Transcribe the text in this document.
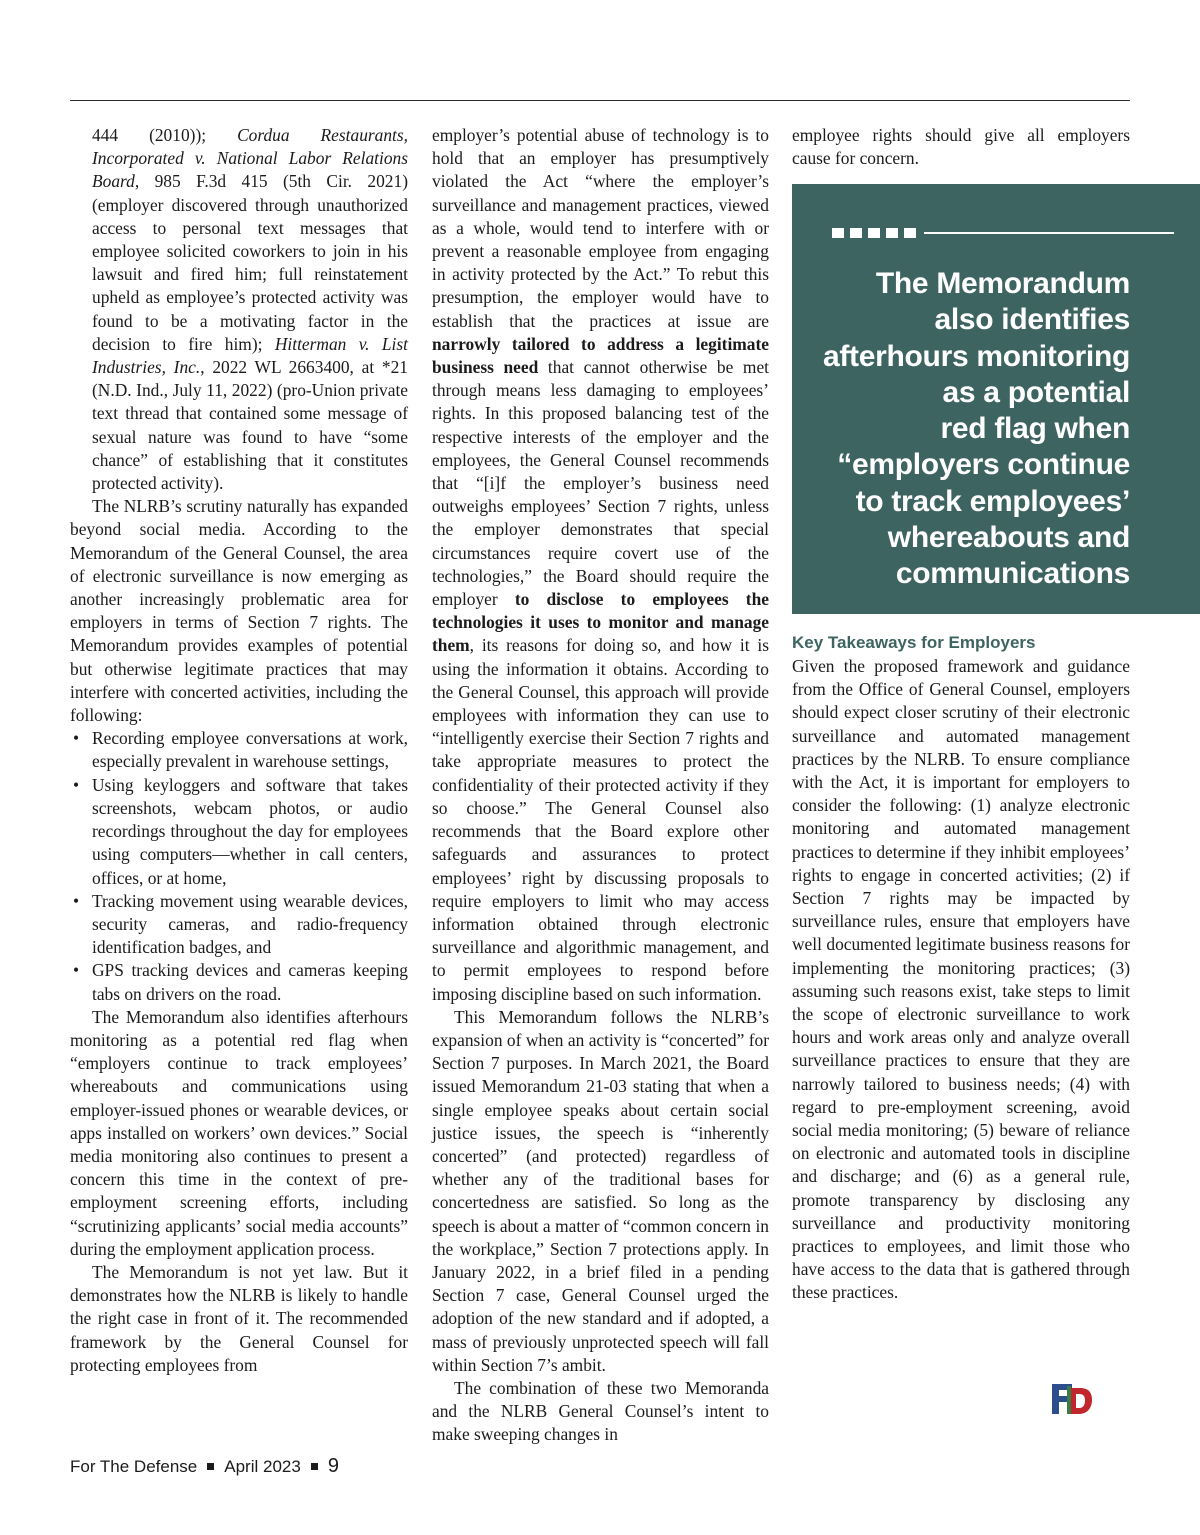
444 (2010)); Cordua Restaurants, Incorporated v. National Labor Relations Board, 985 F.3d 415 (5th Cir. 2021) (employer discovered through unauthorized access to personal text messages that employee solicited coworkers to join in his lawsuit and fired him; full reinstatement upheld as employee’s protected activity was found to be a motivating factor in the decision to fire him); Hitterman v. List Industries, Inc., 2022 WL 2663400, at *21 (N.D. Ind., July 11, 2022) (pro-Union private text thread that contained some message of sexual nature was found to have “some chance” of establishing that it constitutes protected activity).

The NLRB’s scrutiny naturally has expanded beyond social media. According to the Memorandum of the General Counsel, the area of electronic surveillance is now emerging as another increasingly problematic area for employers in terms of Section 7 rights. The Memorandum provides examples of potential but otherwise legitimate practices that may interfere with concerted activities, including the following:

• Recording employee conversations at work, especially prevalent in warehouse settings,
• Using keyloggers and software that takes screenshots, webcam photos, or audio recordings throughout the day for employees using computers—whether in call centers, offices, or at home,
• Tracking movement using wearable devices, security cameras, and radio-frequency identification badges, and
• GPS tracking devices and cameras keeping tabs on drivers on the road.

The Memorandum also identifies afterhours monitoring as a potential red flag when “employers continue to track employees’ whereabouts and communications using employer-issued phones or wearable devices, or apps installed on workers’ own devices.” Social media monitoring also continues to present a concern this time in the context of pre-employment screening efforts, including “scrutinizing applicants’ social media accounts” during the employment application process.

The Memorandum is not yet law. But it demonstrates how the NLRB is likely to handle the right case in front of it. The recommended framework by the General Counsel for protecting employees from

employer’s potential abuse of technology is to hold that an employer has presumptively violated the Act “where the employer’s surveillance and management practices, viewed as a whole, would tend to interfere with or prevent a reasonable employee from engaging in activity protected by the Act.” To rebut this presumption, the employer would have to establish that the practices at issue are narrowly tailored to address a legitimate business need that cannot otherwise be met through means less damaging to employees’ rights. In this proposed balancing test of the respective interests of the employer and the employees, the General Counsel recommends that “[i]f the employer’s business need outweighs employees’ Section 7 rights, unless the employer demonstrates that special circumstances require covert use of the technologies,” the Board should require the employer to disclose to employees the technologies it uses to monitor and manage them, its reasons for doing so, and how it is using the information it obtains. According to the General Counsel, this approach will provide employees with information they can use to “intelligently exercise their Section 7 rights and take appropriate measures to protect the confidentiality of their protected activity if they so choose.” The General Counsel also recommends that the Board explore other safeguards and assurances to protect employees’ right by discussing proposals to require employers to limit who may access information obtained through electronic surveillance and algorithmic management, and to permit employees to respond before imposing discipline based on such information.

This Memorandum follows the NLRB’s expansion of when an activity is “concerted” for Section 7 purposes. In March 2021, the Board issued Memorandum 21-03 stating that when a single employee speaks about certain social justice issues, the speech is “inherently concerted” (and protected) regardless of whether any of the traditional bases for concertedness are satisfied. So long as the speech is about a matter of “common concern in the workplace,” Section 7 protections apply. In January 2022, in a brief filed in a pending Section 7 case, General Counsel urged the adoption of the new standard and if adopted, a mass of previously unprotected speech will fall within Section 7’s ambit.

The combination of these two Memoranda and the NLRB General Counsel’s intent to make sweeping changes in

employee rights should give all employers cause for concern.

Key Takeaways for Employers

Given the proposed framework and guidance from the Office of General Counsel, employers should expect closer scrutiny of their electronic surveillance and automated management practices by the NLRB. To ensure compliance with the Act, it is important for employers to consider the following: (1) analyze electronic monitoring and automated management practices to determine if they inhibit employees’ rights to engage in concerted activities; (2) if Section 7 rights may be impacted by surveillance rules, ensure that employers have well documented legitimate business reasons for implementing the monitoring practices; (3) assuming such reasons exist, take steps to limit the scope of electronic surveillance to work hours and work areas only and analyze overall surveillance practices to ensure that they are narrowly tailored to business needs; (4) with regard to pre-employment screening, avoid social media monitoring; (5) beware of reliance on electronic and automated tools in discipline and discharge; and (6) as a general rule, promote transparency by disclosing any surveillance and productivity monitoring practices to employees, and limit those who have access to the data that is gathered through these practices.

The Memorandum
also identifies
afterhours monitoring
as a potential
red flag when
“employers continue
to track employees’
whereabouts and
communications
For The Defense April 2023 9
